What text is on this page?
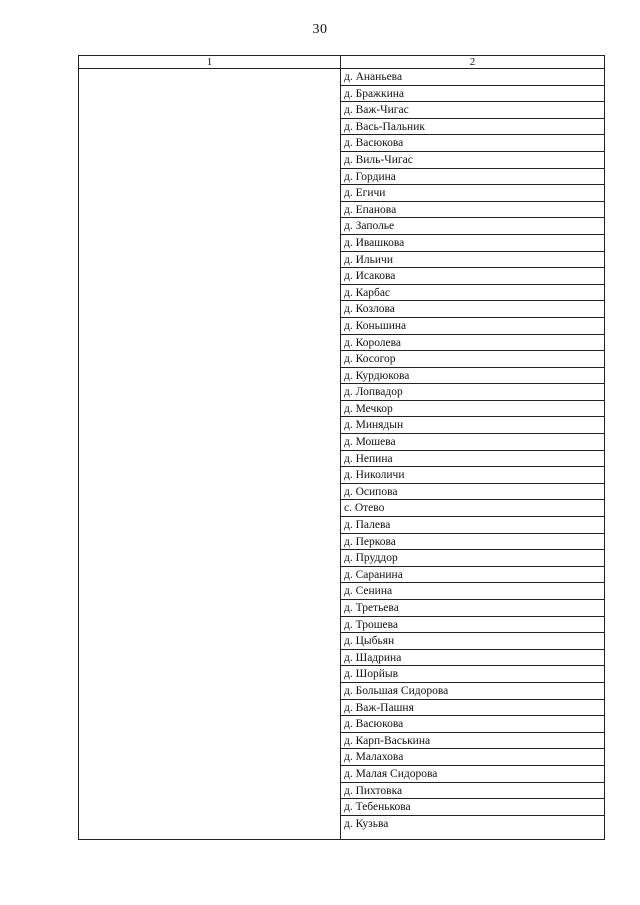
30
1	2
д. Ананьева
д. Бражкина
д. Важ-Чигас
д. Вась-Пальник
д. Васюкова
д. Виль-Чигас
д. Гордина
д. Егичи
д. Епанова
д. Заполье
д. Ивашкова
д. Ильичи
д. Исакова
д. Карбас
д. Козлова
д. Коньшина
д. Королева
д. Косогор
д. Курдюкова
д. Лопвадор
д. Мечкор
д. Минядын
д. Мошева
д. Непина
д. Николичи
д. Осипова
с. Отево
д. Палева
д. Перкова
д. Пруддор
д. Саранина
д. Сенина
д. Третьева
д. Трошева
д. Цыбьян
д. Шадрина
д. Шорйыв
д. Большая Сидорова
д. Важ-Пашня
д. Васюкова
д. Карп-Васькина
д. Малахова
д. Малая Сидорова
д. Пихтовка
д. Тебенькова
д. Кузьва
